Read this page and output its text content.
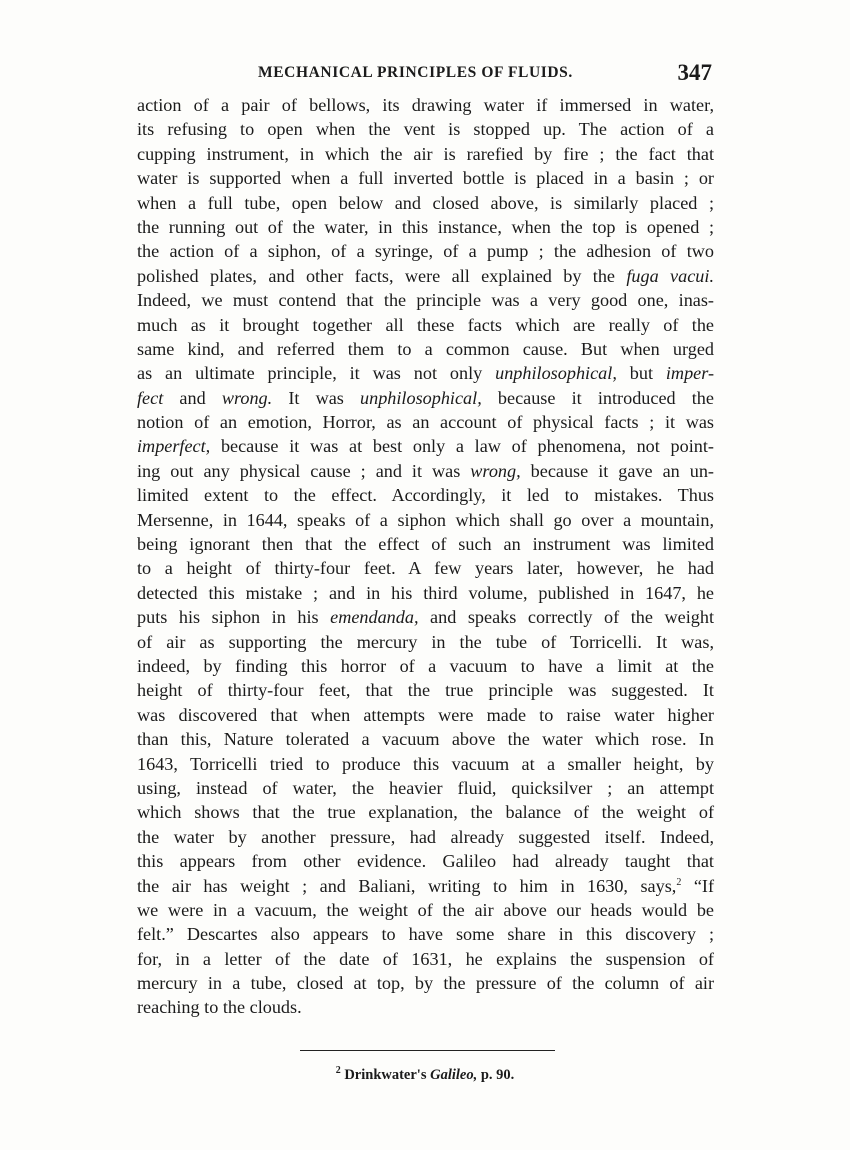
MECHANICAL PRINCIPLES OF FLUIDS.	347
action of a pair of bellows, its drawing water if immersed in water,
its refusing to open when the vent is stopped up. The action of a
cupping instrument, in which the air is rarefied by fire ; the fact that
water is supported when a full inverted bottle is placed in a basin ; or
when a full tube, open below and closed above, is similarly placed ;
the running out of the water, in this instance, when the top is opened ;
the action of a siphon, of a syringe, of a pump ; the adhesion of two
polished plates, and other facts, were all explained by the fuga vacui.
Indeed, we must contend that the principle was a very good one, inas-
much as it brought together all these facts which are really of the
same kind, and referred them to a common cause. But when urged
as an ultimate principle, it was not only unphilosophical, but imper-
fect and wrong. It was unphilosophical, because it introduced the
notion of an emotion, Horror, as an account of physical facts ; it was
imperfect, because it was at best only a law of phenomena, not point-
ing out any physical cause ; and it was wrong, because it gave an un-
limited extent to the effect. Accordingly, it led to mistakes. Thus
Mersenne, in 1644, speaks of a siphon which shall go over a mountain,
being ignorant then that the effect of such an instrument was limited
to a height of thirty-four feet. A few years later, however, he had
detected this mistake ; and in his third volume, published in 1647, he
puts his siphon in his emendanda, and speaks correctly of the weight
of air as supporting the mercury in the tube of Torricelli. It was,
indeed, by finding this horror of a vacuum to have a limit at the
height of thirty-four feet, that the true principle was suggested. It
was discovered that when attempts were made to raise water higher
than this, Nature tolerated a vacuum above the water which rose. In
1643, Torricelli tried to produce this vacuum at a smaller height, by
using, instead of water, the heavier fluid, quicksilver ; an attempt
which shows that the true explanation, the balance of the weight of
the water by another pressure, had already suggested itself. Indeed,
this appears from other evidence. Galileo had already taught that
the air has weight ; and Baliani, writing to him in 1630, says,$^2$ “If
we were in a vacuum, the weight of the air above our heads would be
felt.” Descartes also appears to have some share in this discovery ;
for, in a letter of the date of 1631, he explains the suspension of
mercury in a tube, closed at top, by the pressure of the column of air
reaching to the clouds.
$^2$ Drinkwater's Galileo, p. 90.
